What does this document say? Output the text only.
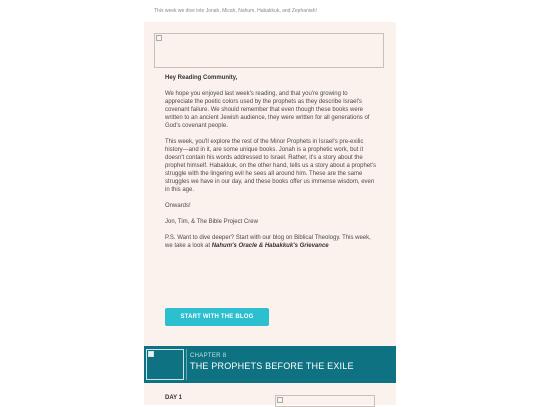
This week we dive into Jonah, Micah, Nahum, Habakkuk, and Zephaniah!

Hey Reading Community,

We hope you enjoyed last week's reading, and that you're growing to appreciate the poetic colors used by the prophets as they describe Israel's covenant failure. We should remember that even though these books were written to an ancient Jewish audience, they were written for all generations of God's covenant people.

This week, you'll explore the rest of the Minor Prophets in Israel's pre-exilic history—and in it, are some unique books. Jonah is a prophetic work, but it doesn't contain his words addressed to Israel. Rather, it's a story about the prophet himself. Habakkuk, on the other hand, tells us a story about a prophet's struggle with the lingering evil he sees all around him. These are the same struggles we have in our day, and these books offer us immense wisdom, even in this age.

Onwards!

Jon, Tim, & The Bible Project Crew

P.S. Want to dive deeper? Start with our blog on Biblical Theology. This week, we take a look at Nahum's Oracle & Habakkuk's Grievance

START WITH THE BLOG
CHAPTER 8
THE PROPHETS BEFORE THE EXILE
DAY 1
